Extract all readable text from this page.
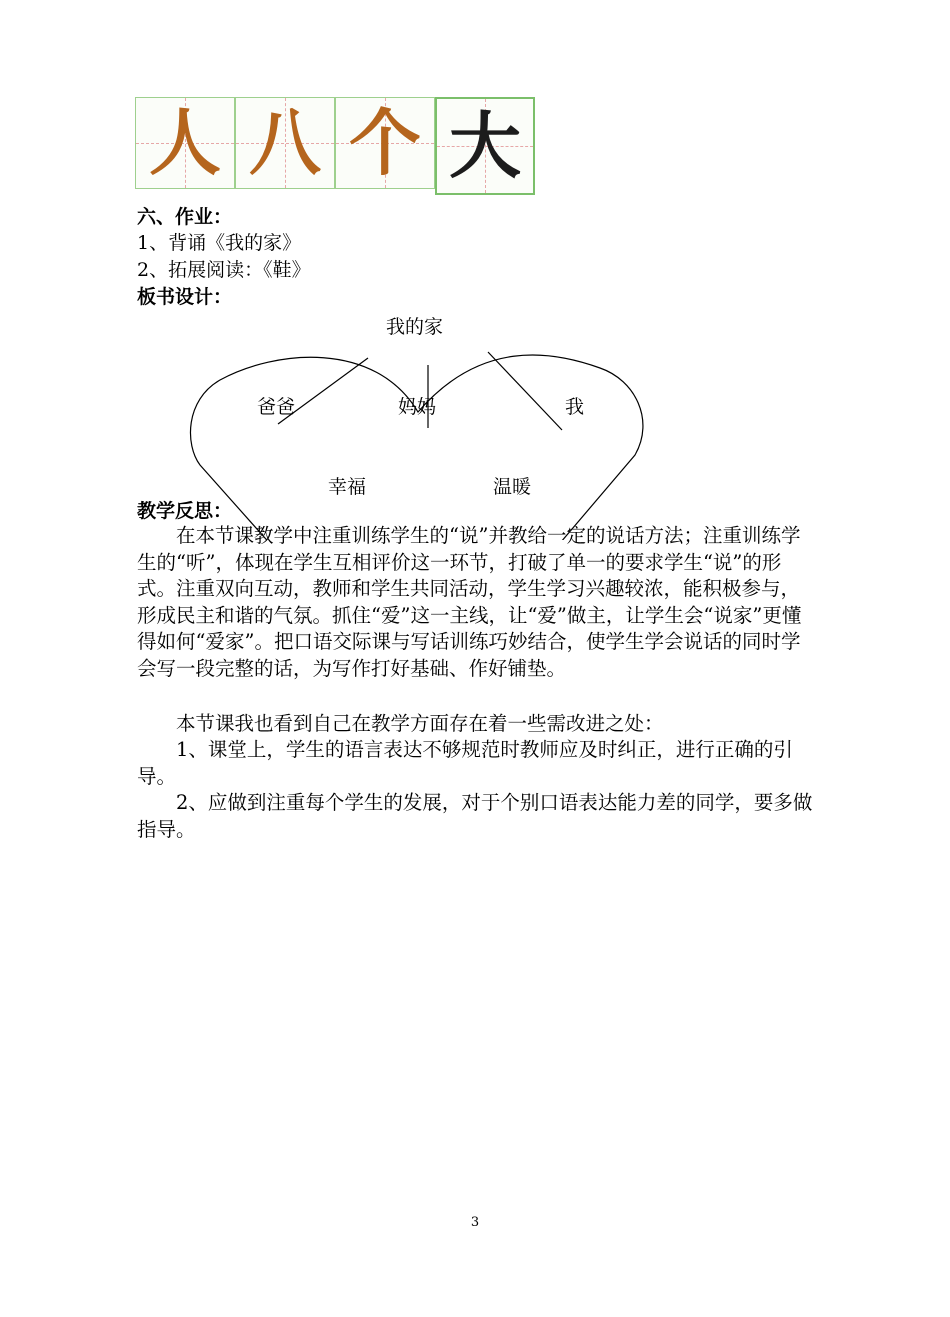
人 八 个 大
六、作业：
1、背诵《我的家》
2、拓展阅读：《鞋》
板书设计：
我的家
爸爸	妈妈	我
幸福	温暖
教学反思：
在本节课教学中注重训练学生的“说”并教给一定的说话方法；注重训练学生的“听”，体现在学生互相评价这一环节，打破了单一的要求学生“说”的形式。注重双向互动，教师和学生共同活动，学生学习兴趣较浓，能积极参与，形成民主和谐的气氛。抓住“爱”这一主线，让“爱”做主，让学生会“说家”更懂得如何“爱家”。把口语交际课与写话训练巧妙结合，使学生学会说话的同时学会写一段完整的话，为写作打好基础、作好铺垫。
本节课我也看到自己在教学方面存在着一些需改进之处：
1、课堂上，学生的语言表达不够规范时教师应及时纠正，进行正确的引导。
2、应做到注重每个学生的发展，对于个别口语表达能力差的同学，要多做指导。
3
